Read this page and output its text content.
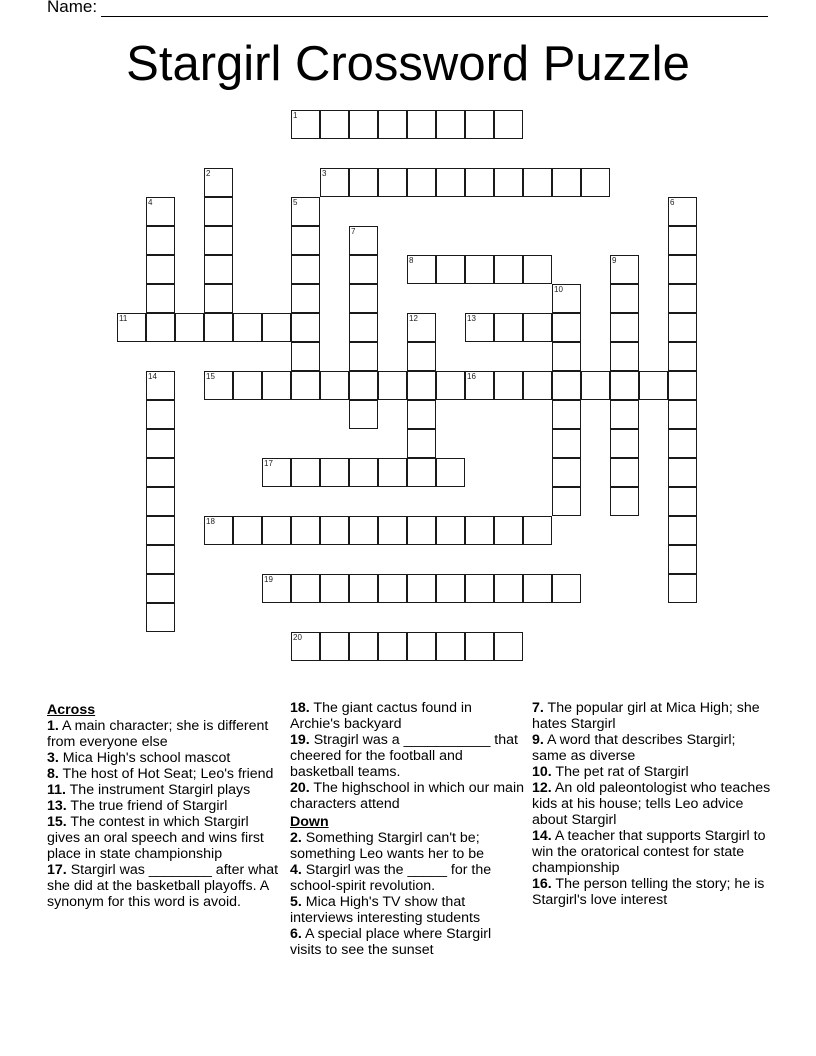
Name:
Stargirl Crossword Puzzle
1
3
8
11	13
15	16
17
18
19
20
2
4	5	6
7
9
10
12
14
Across

1. A main character; she is different from everyone else

3. Mica High's school mascot

8. The host of Hot Seat; Leo's friend

11. The instrument Stargirl plays

13. The true friend of Stargirl

15. The contest in which Stargirl gives an oral speech and wins first place in state championship

17. Stargirl was ________ after what she did at the basketball playoffs. A synonym for this word is avoid.

18. The giant cactus found in Archie's backyard

19. Stragirl was a ___________ that cheered for the football and basketball teams.

20. The highschool in which our main characters attend

Down

2. Something Stargirl can't be; something Leo wants her to be

4. Stargirl was the _____ for the school-spirit revolution.

5. Mica High's TV show that interviews interesting students

6. A special place where Stargirl visits to see the sunset

7. The popular girl at Mica High; she hates Stargirl

9. A word that describes Stargirl; same as diverse

10. The pet rat of Stargirl

12. An old paleontologist who teaches kids at his house; tells Leo advice about Stargirl

14. A teacher that supports Stargirl to win the oratorical contest for state championship

16. The person telling the story; he is Stargirl's love interest
